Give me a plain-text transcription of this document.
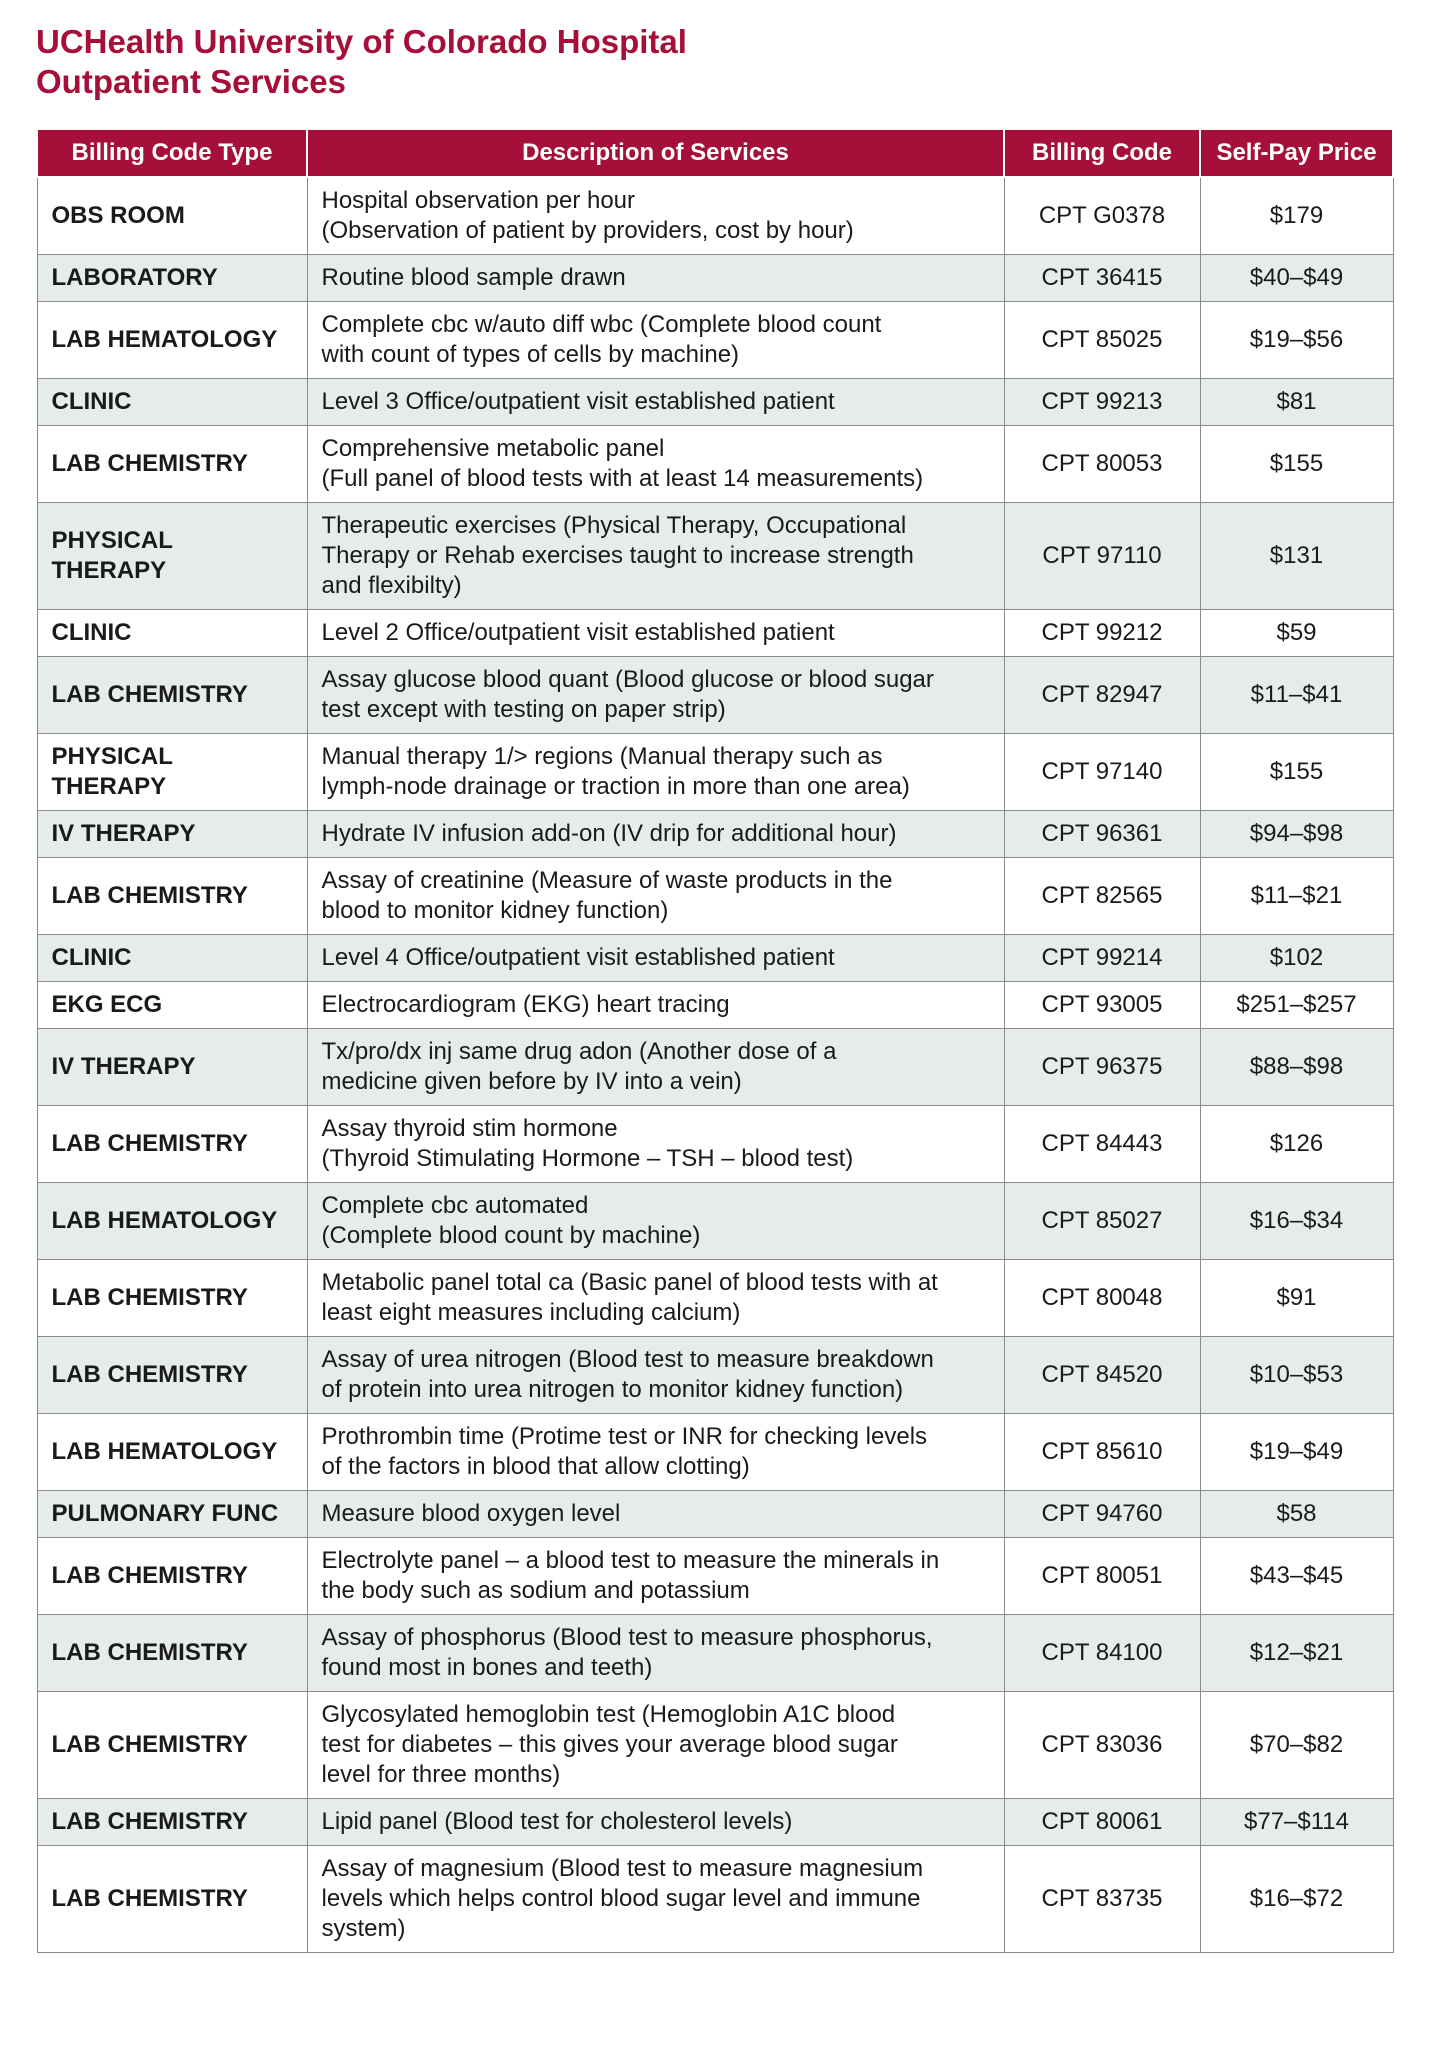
UCHealth University of Colorado Hospital
Outpatient Services
Billing Code Type	Description of Services	Billing Code	Self-Pay Price
OBS ROOM	Hospital observation per hour
(Observation of patient by providers, cost by hour)	CPT G0378	$179
LABORATORY	Routine blood sample drawn	CPT 36415	$40–$49
LAB HEMATOLOGY	Complete cbc w/auto diff wbc (Complete blood count
with count of types of cells by machine)	CPT 85025	$19–$56
CLINIC	Level 3 Office/outpatient visit established patient	CPT 99213	$81
LAB CHEMISTRY	Comprehensive metabolic panel
(Full panel of blood tests with at least 14 measurements)	CPT 80053	$155
PHYSICAL THERAPY	Therapeutic exercises (Physical Therapy, Occupational
Therapy or Rehab exercises taught to increase strength
and flexibilty)	CPT 97110	$131
CLINIC	Level 2 Office/outpatient visit established patient	CPT 99212	$59
LAB CHEMISTRY	Assay glucose blood quant (Blood glucose or blood sugar
test except with testing on paper strip)	CPT 82947	$11–$41
PHYSICAL THERAPY	Manual therapy 1/> regions (Manual therapy such as
lymph-node drainage or traction in more than one area)	CPT 97140	$155
IV THERAPY	Hydrate IV infusion add-on (IV drip for additional hour)	CPT 96361	$94–$98
LAB CHEMISTRY	Assay of creatinine (Measure of waste products in the
blood to monitor kidney function)	CPT 82565	$11–$21
CLINIC	Level 4 Office/outpatient visit established patient	CPT 99214	$102
EKG ECG	Electrocardiogram (EKG) heart tracing	CPT 93005	$251–$257
IV THERAPY	Tx/pro/dx inj same drug adon (Another dose of a
medicine given before by IV into a vein)	CPT 96375	$88–$98
LAB CHEMISTRY	Assay thyroid stim hormone
(Thyroid Stimulating Hormone – TSH – blood test)	CPT 84443	$126
LAB HEMATOLOGY	Complete cbc automated
(Complete blood count by machine)	CPT 85027	$16–$34
LAB CHEMISTRY	Metabolic panel total ca (Basic panel of blood tests with at
least eight measures including calcium)	CPT 80048	$91
LAB CHEMISTRY	Assay of urea nitrogen (Blood test to measure breakdown
of protein into urea nitrogen to monitor kidney function)	CPT 84520	$10–$53
LAB HEMATOLOGY	Prothrombin time (Protime test or INR for checking levels
of the factors in blood that allow clotting)	CPT 85610	$19–$49
PULMONARY FUNC	Measure blood oxygen level	CPT 94760	$58
LAB CHEMISTRY	Electrolyte panel – a blood test to measure the minerals in
the body such as sodium and potassium	CPT 80051	$43–$45
LAB CHEMISTRY	Assay of phosphorus (Blood test to measure phosphorus,
found most in bones and teeth)	CPT 84100	$12–$21
LAB CHEMISTRY	Glycosylated hemoglobin test (Hemoglobin A1C blood
test for diabetes – this gives your average blood sugar
level for three months)	CPT 83036	$70–$82
LAB CHEMISTRY	Lipid panel (Blood test for cholesterol levels)	CPT 80061	$77–$114
LAB CHEMISTRY	Assay of magnesium (Blood test to measure magnesium
levels which helps control blood sugar level and immune
system)	CPT 83735	$16–$72
